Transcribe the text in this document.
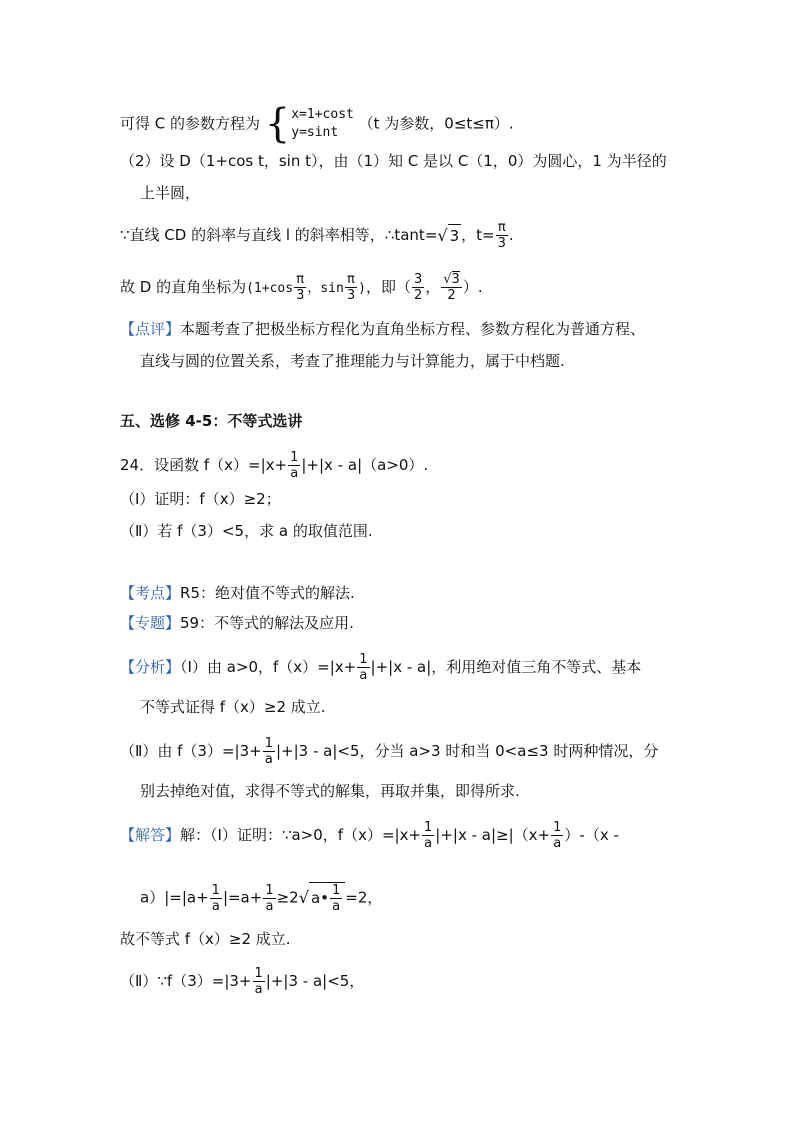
可得 C 的参数方程为 { x=1+cost
y=sint	（t 为参数，0≤t≤π）.
（2）设 D（1+cos t，sin t），由（1）知 C 是以 C（1，0）为圆心，1 为半径的
上半圆，
∵直线 CD 的斜率与直线 l 的斜率相等，∴tant=√ 3 ，$t= \frac{\pi}{3}$ .
故 D 的直角坐标为($1+\cos \frac{\pi}{3}$ ，$\sin \frac{\pi}{3}$ )，即（ $\frac{3}{2}$ ， $\frac{√3}{2}$ ）.
【点评】本题考查了把极坐标方程化为直角坐标方程、参数方程化为普通方程、
直线与圆的位置关系，考查了推理能力与计算能力，属于中档题.
五、选修 4-5：不等式选讲
24．设函数 $f(x)=|x+ \frac{1}{a} |+|x - a|(a>0)$.
（Ⅰ）证明：f（x）≥2；
（Ⅱ）若 f（3）<5，求 a 的取值范围.
【考点】R5：绝对值不等式的解法.
【专题】59：不等式的解法及应用.
【分析】（Ⅰ）由 a>0，$f(x)=|x+ \frac{1}{a} |+|x - a|$，利用绝对值三角不等式、基本
不等式证得 f（x）≥2 成立.
（Ⅱ）由 $f(3)=|3+ \frac{1}{a} |+|3 - a|<5$，分当 a>3 时和当 0<a≤3 时两种情况，分
别去掉绝对值，求得不等式的解集，再取并集，即得所求.
【解答】解：（Ⅰ）证明：∵a>0，$f(x)=|x+ \frac{1}{a} |+|x - a|\ge|(x+ \frac{1}{a} )-(x$ -
$a)|=|a+ \frac{1}{a} |=a+ \frac{1}{a} \ge 2√$ a• $\frac{1}{a} =2$，
故不等式 f（x）≥2 成立.
（Ⅱ）∵f（3）=|3+ $\frac{1}{a} |+|3 - a|<5$，
